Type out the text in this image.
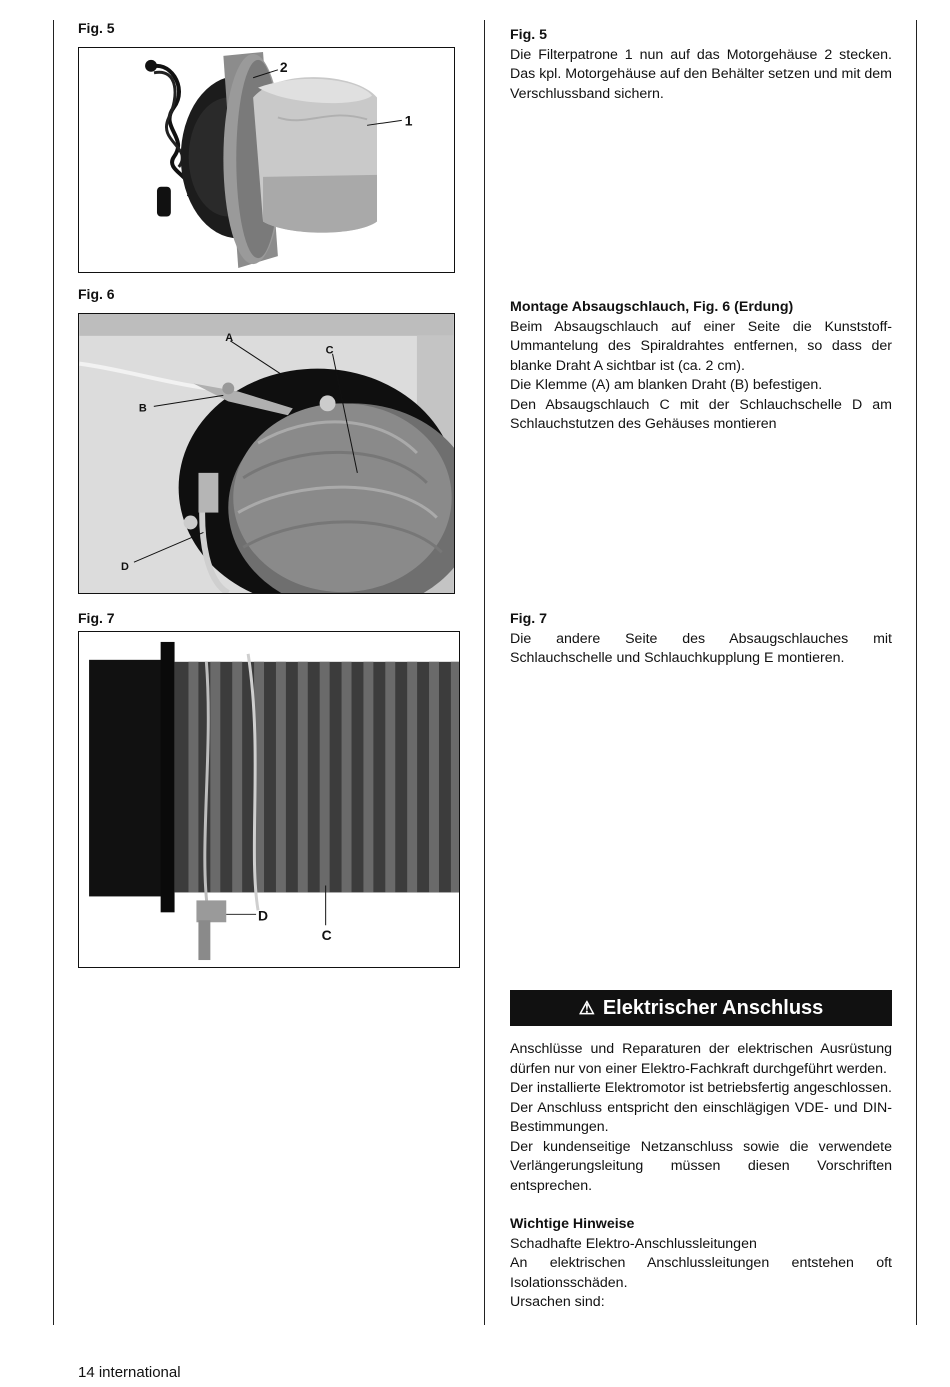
Fig. 5
2
1

Fig. 5

Die Filterpatrone 1 nun auf das Motorgehäuse 2 stecken. Das kpl. Motorgehäuse auf den Behälter setzen und mit dem Verschlussband sichern.

Fig. 6
A
C
B
D

Montage Absaugschlauch, Fig. 6 (Erdung)

Beim Absaugschlauch auf einer Seite die Kunststoff-Ummantelung des Spiraldrahtes entfernen, so dass der blanke Draht A sichtbar ist (ca. 2 cm).

Die Klemme (A) am blanken Draht (B) befestigen.

Den Absaugschlauch C mit der Schlauchschelle D am Schlauchstutzen des Gehäuses montieren

Fig. 7
D
C

Fig. 7

Die andere Seite des Absaugschlauches mit Schlauchschelle und Schlauchkupplung E montieren.

⚠ Elektrischer Anschluss

Anschlüsse und Reparaturen der elektrischen Ausrüstung dürfen nur von einer Elektro-Fachkraft durchgeführt werden.

Der installierte Elektromotor ist betriebsfertig angeschlossen. Der Anschluss entspricht den einschlägigen VDE- und DIN-Bestimmungen.

Der kundenseitige Netzanschluss sowie die verwendete Verlängerungsleitung müssen diesen Vorschriften entsprechen.

Wichtige Hinweise

Schadhafte Elektro-Anschlussleitungen

An elektrischen Anschlussleitungen entstehen oft Isolationsschäden.

Ursachen sind:

14 international
